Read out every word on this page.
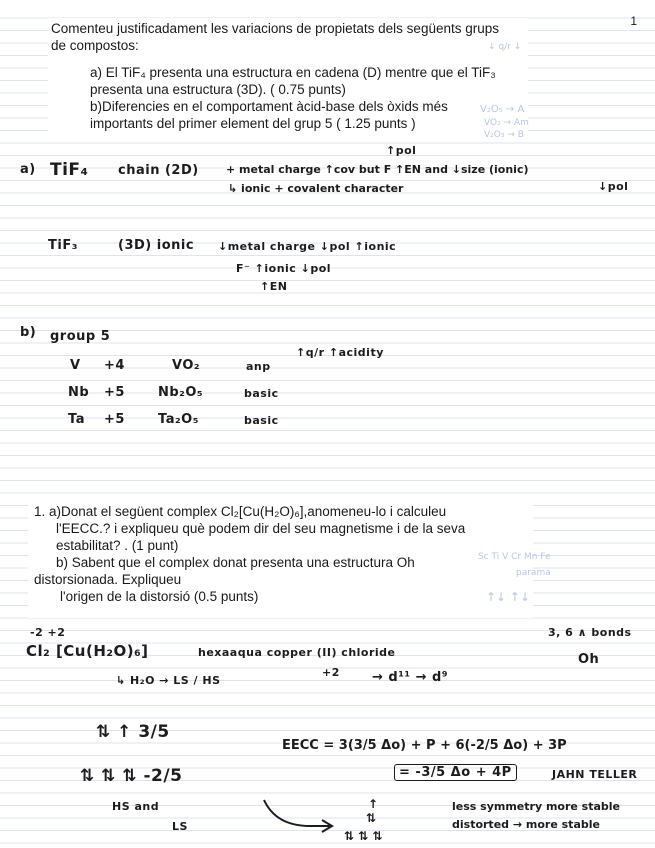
1

Comenteu justificadament les variacions de propietats dels següents grups

de compostos:

a) El TiF₄ presenta una estructura en cadena (D) mentre que el TiF₃

presenta una estructura (3D). ( 0.75 punts)

b)Diferencies en el comportament àcid-base dels òxids més

importants del primer element del grup 5 ( 1.25 punts )

↓ q/r ↓
V₂O₅ → A
VO₂ → Am
V₂O₃ → B
↑pol
a) TiF₄ chain (2D) + metal charge ↑cov but F ↑EN and ↓size (ionic)
↓pol
↳ ionic + covalent character
TiF₃	(3D) ionic ↓metal charge ↓pol ↑ionic
F⁻ ↑ionic ↓pol
↑EN
b) group 5
V +4	VO₂	anp
↑q/r ↑acidity
Nb +5	Nb₂O₅	basic
Ta +5	Ta₂O₅	basic

1. a)Donat el següent complex Cl₂[Cu(H₂O)₆],anomeneu-lo i calculeu

l'EECC.? i expliqueu què podem dir del seu magnetisme i de la seva

estabilitat? . (1 punt)

b) Sabent que el complex donat presenta una estructura Oh

distorsionada. Expliqueu

l'origen de la distorsió (0.5 punts)

Sc Ti V Cr Mn Fe
parama
↑↓ ↑↓
-2 +2	3, 6 ∧ bonds
Cl₂ [Cu(H₂O)₆]	hexaaqua copper (II) chloride	Oh
+2
↳ H₂O → LS / HS	→ d¹¹ → d⁹
⇅ ↑ 3/5
EECC = 3(3/5 Δo) + P + 6(-2/5 Δo) + 3P
⇅ ⇅ ⇅ -2/5	= -3/5 Δo + 4P	JAHN TELLER
HS and
LS
less symmetry more stable
distorted → more stable
↑
⇅
⇅ ⇅ ⇅
